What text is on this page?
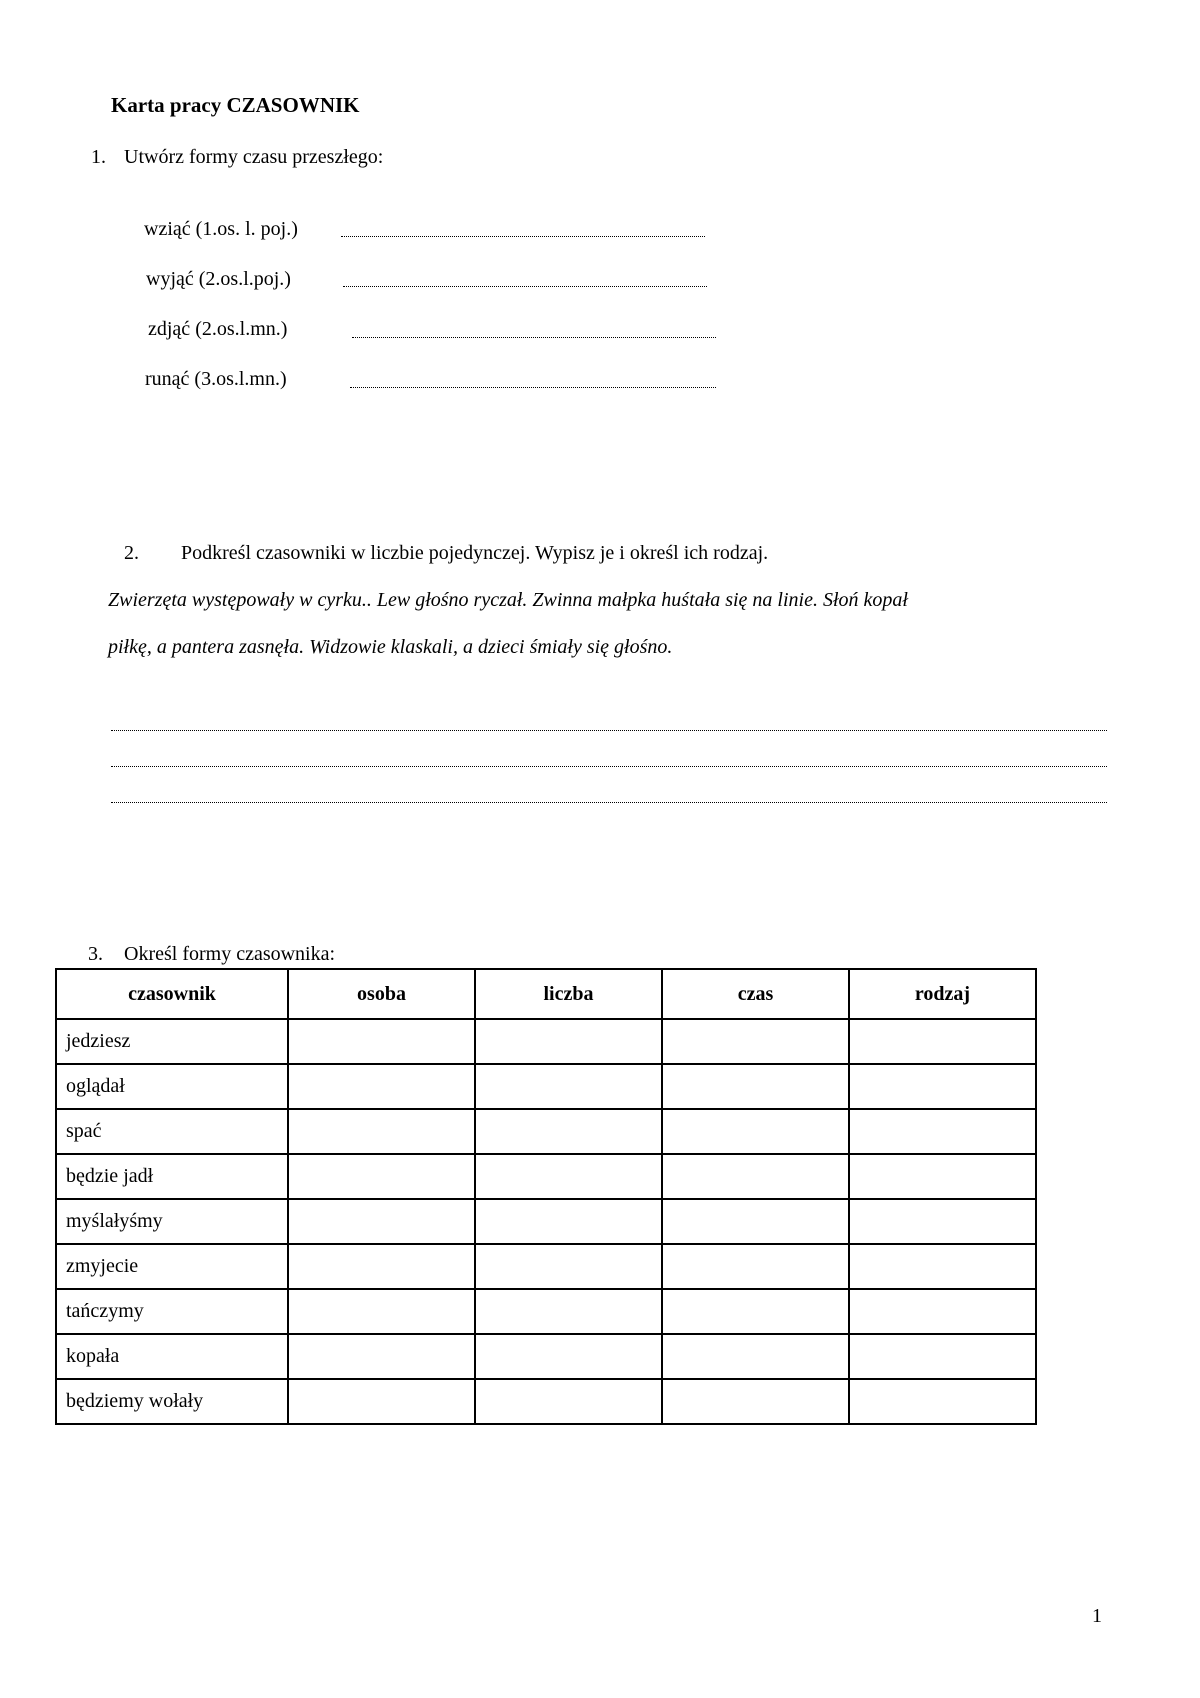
Karta pracy CZASOWNIK
1. Utwórz formy czasu przeszłego:
wziąć (1.os. l. poj.)
wyjąć (2.os.l.poj.)
zdjąć (2.os.l.mn.)
runąć (3.os.l.mn.)
2. Podkreśl czasowniki w liczbie pojedynczej. Wypisz je i określ ich rodzaj.
Zwierzęta występowały w cyrku.. Lew głośno ryczał. Zwinna małpka huśtała się na linie. Słoń kopał
piłkę, a pantera zasnęła. Widzowie klaskali, a dzieci śmiały się głośno.
3. Określ formy czasownika:
czasownik	osoba	liczba	czas	rodzaj
jedziesz				
oglądał				
spać				
będzie jadł				
myślałyśmy				
zmyjecie				
tańczymy				
kopała				
będziemy wołały				
1
